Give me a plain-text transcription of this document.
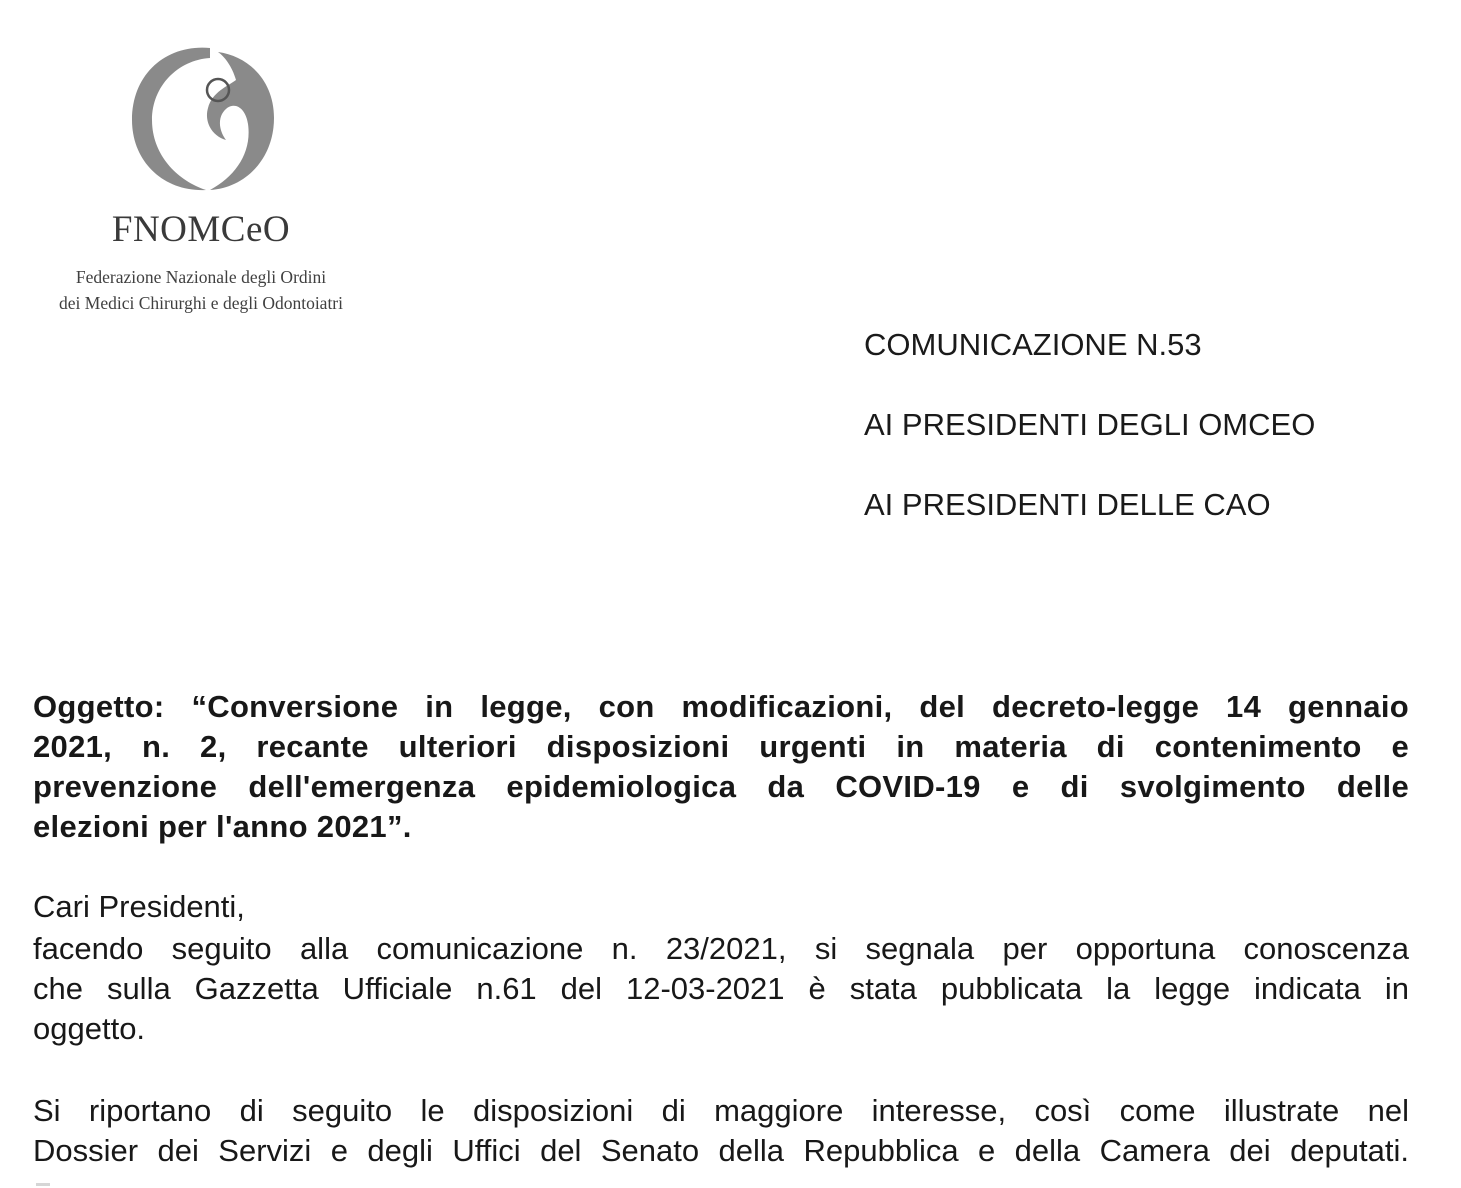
FNOMCeO
Federazione Nazionale degli Ordini
dei Medici Chirurghi e degli Odontoiatri
COMUNICAZIONE N.53
AI PRESIDENTI DEGLI OMCEO
AI PRESIDENTI DELLE CAO
Oggetto: “Conversione in legge, con modificazioni, del decreto-legge 14 gennaio
2021, n. 2, recante ulteriori disposizioni urgenti in materia di contenimento e
prevenzione dell'emergenza epidemiologica da COVID-19 e di svolgimento delle
elezioni per l'anno 2021”.
Cari Presidenti,
facendo seguito alla comunicazione n. 23/2021, si segnala per opportuna conoscenza
che sulla Gazzetta Ufficiale n.61 del 12-03-2021 è stata pubblicata la legge indicata in
oggetto.
Si riportano di seguito le disposizioni di maggiore interesse, così come illustrate nel
Dossier dei Servizi e degli Uffici del Senato della Repubblica e della Camera dei deputati.
